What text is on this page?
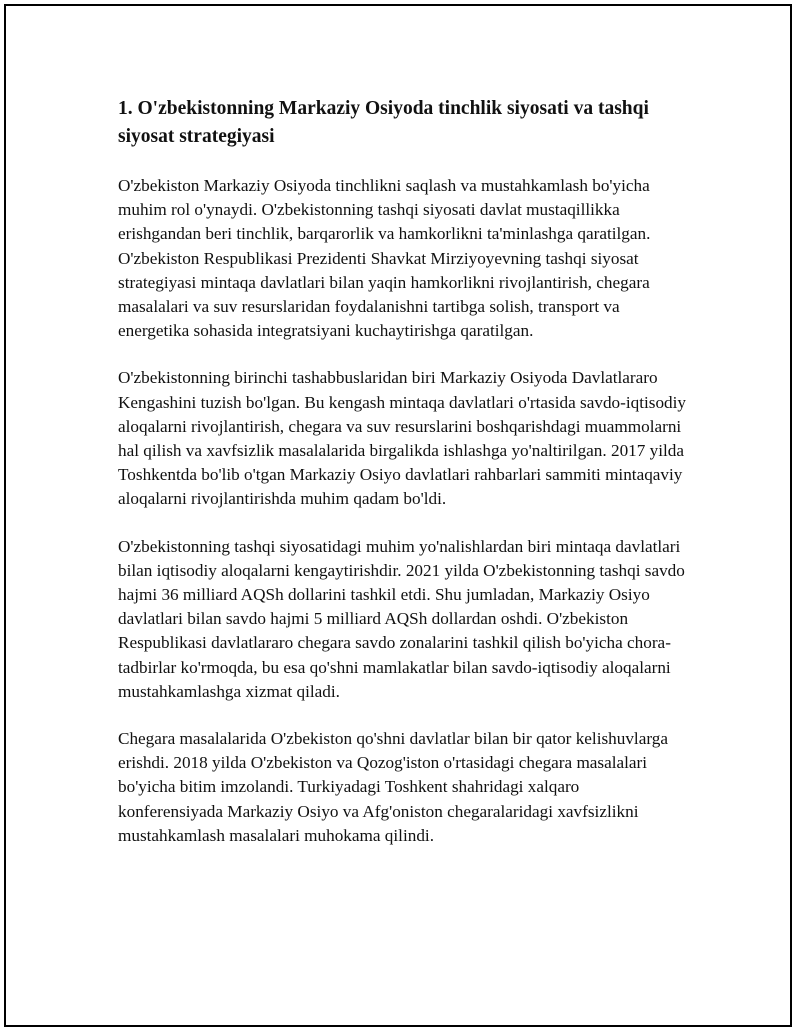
1. O'zbekistonning Markaziy Osiyoda tinchlik siyosati va tashqi siyosat strategiyasi

O'zbekiston Markaziy Osiyoda tinchlikni saqlash va mustahkamlash bo'yicha muhim rol o'ynaydi. O'zbekistonning tashqi siyosati davlat mustaqillikka erishgandan beri tinchlik, barqarorlik va hamkorlikni ta'minlashga qaratilgan. O'zbekiston Respublikasi Prezidenti Shavkat Mirziyoyevning tashqi siyosat strategiyasi mintaqa davlatlari bilan yaqin hamkorlikni rivojlantirish, chegara masalalari va suv resurslaridan foydalanishni tartibga solish, transport va energetika sohasida integratsiyani kuchaytirishga qaratilgan.

O'zbekistonning birinchi tashabbuslaridan biri Markaziy Osiyoda Davlatlararo Kengashini tuzish bo'lgan. Bu kengash mintaqa davlatlari o'rtasida savdo-iqtisodiy aloqalarni rivojlantirish, chegara va suv resurslarini boshqarishdagi muammolarni hal qilish va xavfsizlik masalalarida birgalikda ishlashga yo'naltirilgan. 2017 yilda Toshkentda bo'lib o'tgan Markaziy Osiyo davlatlari rahbarlari sammiti mintaqaviy aloqalarni rivojlantirishda muhim qadam bo'ldi.

O'zbekistonning tashqi siyosatidagi muhim yo'nalishlardan biri mintaqa davlatlari bilan iqtisodiy aloqalarni kengaytirishdir. 2021 yilda O'zbekistonning tashqi savdo hajmi 36 milliard AQSh dollarini tashkil etdi. Shu jumladan, Markaziy Osiyo davlatlari bilan savdo hajmi 5 milliard AQSh dollardan oshdi. O'zbekiston Respublikasi davlatlararo chegara savdo zonalarini tashkil qilish bo'yicha chora-tadbirlar ko'rmoqda, bu esa qo'shni mamlakatlar bilan savdo-iqtisodiy aloqalarni mustahkamlashga xizmat qiladi.

Chegara masalalarida O'zbekiston qo'shni davlatlar bilan bir qator kelishuvlarga erishdi. 2018 yilda O'zbekiston va Qozog'iston o'rtasidagi chegara masalalari bo'yicha bitim imzolandi. Turkiyadagi Toshkent shahridagi xalqaro konferensiyada Markaziy Osiyo va Afg'oniston chegaralaridagi xavfsizlikni mustahkamlash masalalari muhokama qilindi.
